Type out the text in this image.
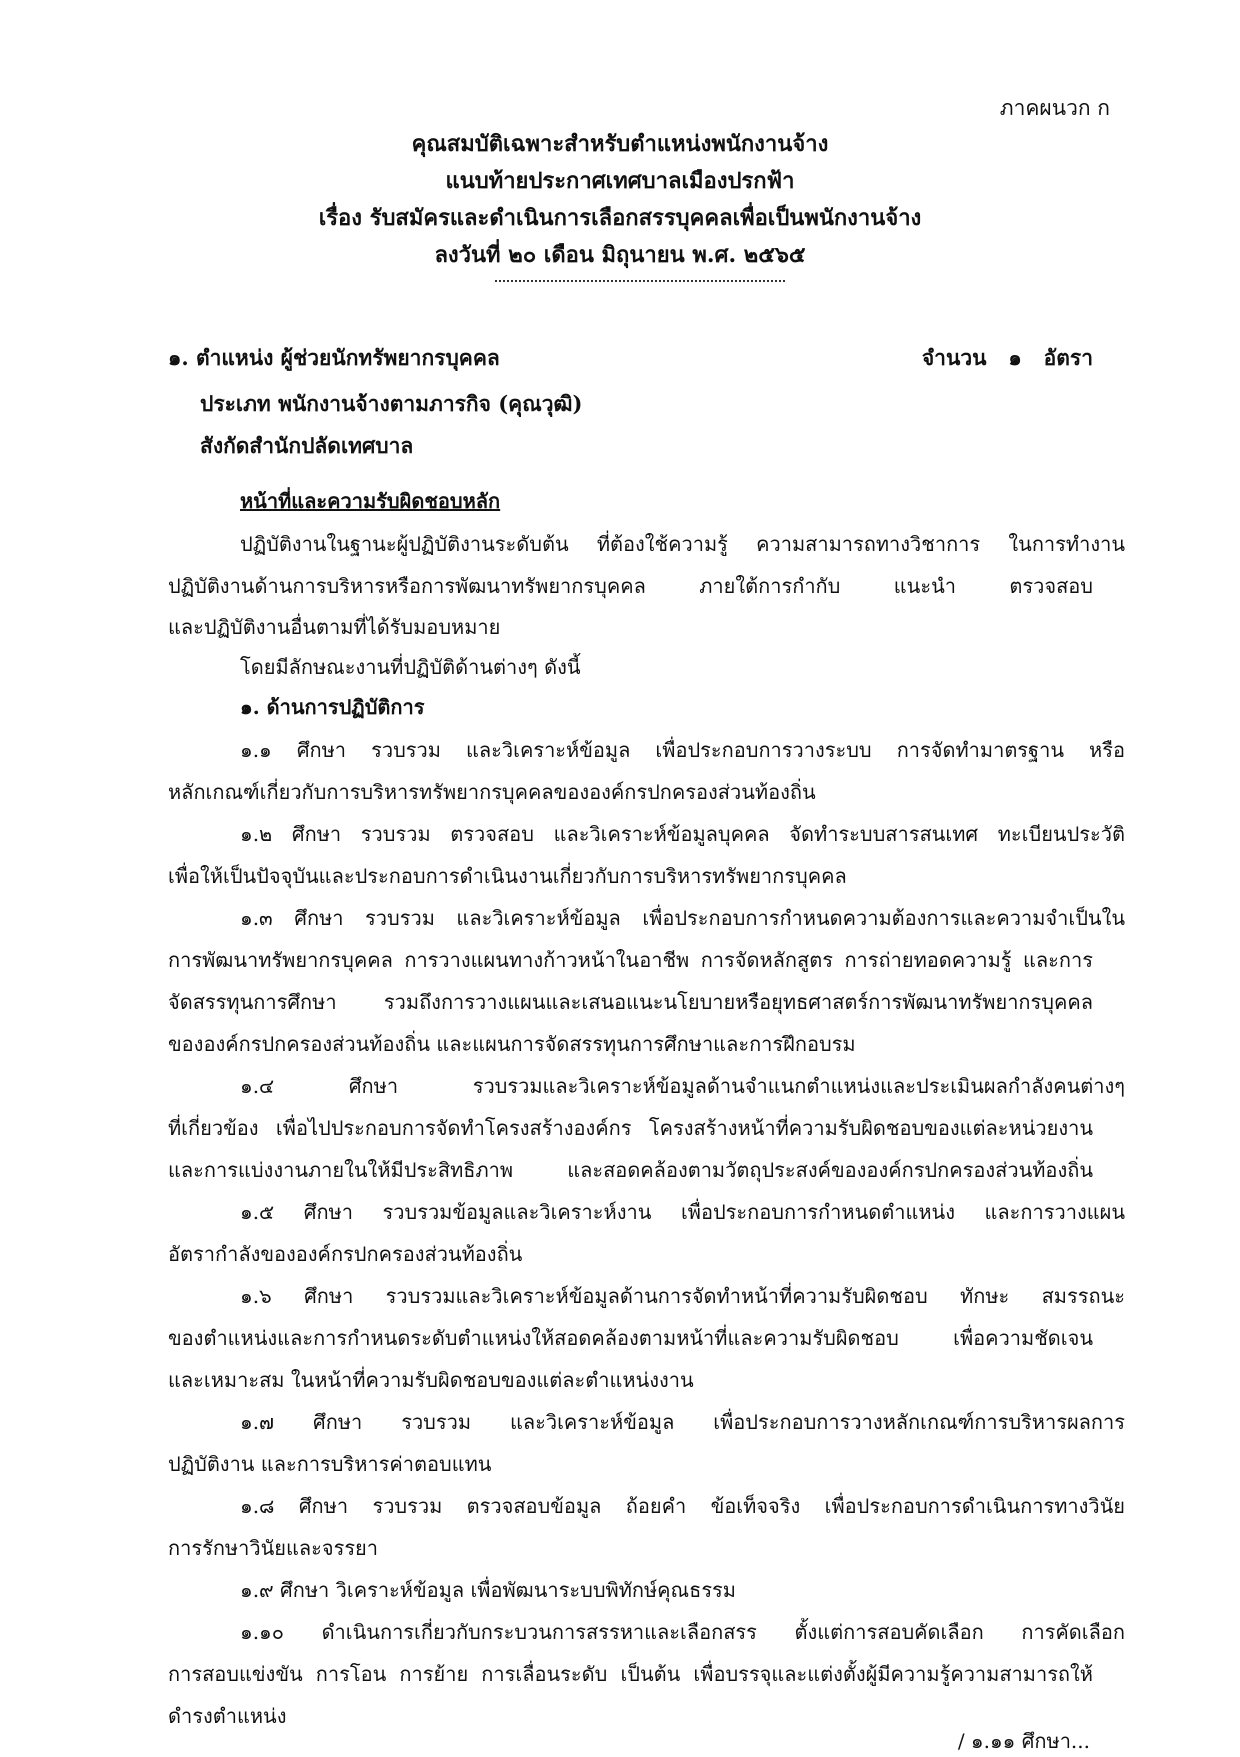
ภาคผนวก ก
คุณสมบัติเฉพาะสำหรับตำแหน่งพนักงานจ้าง
แนบท้ายประกาศเทศบาลเมืองปรกฟ้า
เรื่อง รับสมัครและดำเนินการเลือกสรรบุคคลเพื่อเป็นพนักงานจ้าง
ลงวันที่ ๒๐ เดือน มิถุนายน พ.ศ. ๒๕๖๕
๑. ตำแหน่ง ผู้ช่วยนักทรัพยากรบุคคล	จำนวน   ๑   อัตรา
ประเภท พนักงานจ้างตามภารกิจ (คุณวุฒิ)
สังกัดสำนักปลัดเทศบาล
หน้าที่และความรับผิดชอบหลัก
ปฏิบัติงานในฐานะผู้ปฏิบัติงานระดับต้น ที่ต้องใช้ความรู้ ความสามารถทางวิชาการ ในการทำงาน
ปฏิบัติงานด้านการบริหารหรือการพัฒนาทรัพยากรบุคคล ภายใต้การกำกับ แนะนำ ตรวจสอบ
และปฏิบัติงานอื่นตามที่ได้รับมอบหมาย
โดยมีลักษณะงานที่ปฏิบัติด้านต่างๆ ดังนี้
๑. ด้านการปฏิบัติการ
๑.๑ ศึกษา รวบรวม และวิเคราะห์ข้อมูล เพื่อประกอบการวางระบบ การจัดทำมาตรฐาน หรือ
หลักเกณฑ์เกี่ยวกับการบริหารทรัพยากรบุคคลขององค์กรปกครองส่วนท้องถิ่น
๑.๒ ศึกษา รวบรวม ตรวจสอบ และวิเคราะห์ข้อมูลบุคคล จัดทำระบบสารสนเทศ ทะเบียนประวัติ
เพื่อให้เป็นปัจจุบันและประกอบการดำเนินงานเกี่ยวกับการบริหารทรัพยากรบุคคล
๑.๓ ศึกษา รวบรวม และวิเคราะห์ข้อมูล เพื่อประกอบการกำหนดความต้องการและความจำเป็นใน
การพัฒนาทรัพยากรบุคคล การวางแผนทางก้าวหน้าในอาชีพ การจัดหลักสูตร การถ่ายทอดความรู้ และการ
จัดสรรทุนการศึกษา รวมถึงการวางแผนและเสนอแนะนโยบายหรือยุทธศาสตร์การพัฒนาทรัพยากรบุคคล
ขององค์กรปกครองส่วนท้องถิ่น และแผนการจัดสรรทุนการศึกษาและการฝึกอบรม
๑.๔ ศึกษา รวบรวมและวิเคราะห์ข้อมูลด้านจำแนกตำแหน่งและประเมินผลกำลังคนต่างๆ
ที่เกี่ยวข้อง เพื่อไปประกอบการจัดทำโครงสร้างองค์กร โครงสร้างหน้าที่ความรับผิดชอบของแต่ละหน่วยงาน
และการแบ่งงานภายในให้มีประสิทธิภาพ และสอดคล้องตามวัตถุประสงค์ขององค์กรปกครองส่วนท้องถิ่น
๑.๕ ศึกษา รวบรวมข้อมูลและวิเคราะห์งาน เพื่อประกอบการกำหนดตำแหน่ง และการวางแผน
อัตรากำลังขององค์กรปกครองส่วนท้องถิ่น
๑.๖ ศึกษา รวบรวมและวิเคราะห์ข้อมูลด้านการจัดทำหน้าที่ความรับผิดชอบ ทักษะ สมรรถนะ
ของตำแหน่งและการกำหนดระดับตำแหน่งให้สอดคล้องตามหน้าที่และความรับผิดชอบ เพื่อความชัดเจน
และเหมาะสม ในหน้าที่ความรับผิดชอบของแต่ละตำแหน่งงาน
๑.๗ ศึกษา รวบรวม และวิเคราะห์ข้อมูล เพื่อประกอบการวางหลักเกณฑ์การบริหารผลการ
ปฏิบัติงาน และการบริหารค่าตอบแทน
๑.๘ ศึกษา รวบรวม ตรวจสอบข้อมูล ถ้อยคำ ข้อเท็จจริง เพื่อประกอบการดำเนินการทางวินัย
การรักษาวินัยและจรรยา
๑.๙ ศึกษา วิเคราะห์ข้อมูล เพื่อพัฒนาระบบพิทักษ์คุณธรรม
๑.๑๐ ดำเนินการเกี่ยวกับกระบวนการสรรหาและเลือกสรร ตั้งแต่การสอบคัดเลือก การคัดเลือก
การสอบแข่งขัน การโอน การย้าย การเลื่อนระดับ เป็นต้น เพื่อบรรจุและแต่งตั้งผู้มีความรู้ความสามารถให้
ดำรงตำแหน่ง
/ ๑.๑๑ ศึกษา...
